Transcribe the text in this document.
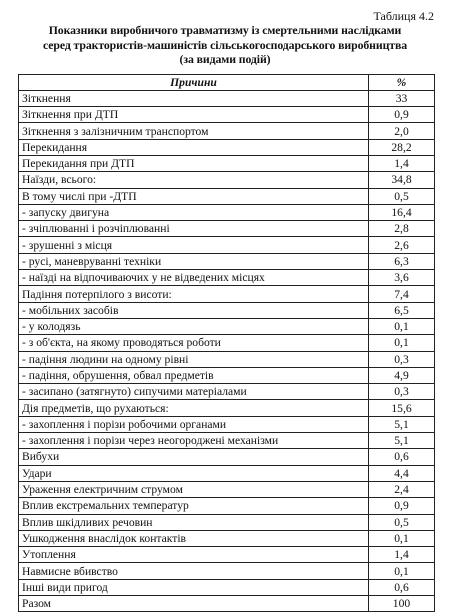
Таблиця 4.2
Показники виробничого травматизму із смертельними наслідками
серед трактористів-машиністів сільськогосподарського виробництва
(за видами подій)
Причини	%
Зіткнення	33
Зіткнення при ДТП	0,9
Зіткнення з залізничним транспортом	2,0
Перекидання	28,2
Перекидання при ДТП	1,4
Наїзди, всього:	34,8
В тому числі при -ДТП	0,5
- запуску двигуна	16,4
- зчіплюванні і розчіплюванні	2,8
- зрушенні з місця	2,6
- русі, маневруванні техніки	6,3
- наїзді на відпочиваючих у не відведених місцях	3,6
Падіння потерпілого з висоти:	7,4
- мобільних засобів	6,5
- у колодязь	0,1
- з об'єкта, на якому проводяться роботи	0,1
- падіння людини на одному рівні	0,3
- падіння, обрушення, обвал предметів	4,9
- засипано (затягнуто) сипучими матеріалами	0,3
Дія предметів, що рухаються:	15,6
- захоплення і порізи робочими органами	5,1
- захоплення і порізи через неогороджені механізми	5,1
Вибухи	0,6
Удари	4,4
Ураження електричним струмом	2,4
Вплив екстремальних температур	0,9
Вплив шкідливих речовин	0,5
Ушкодження внаслідок контактів	0,1
Утоплення	1,4
Навмисне вбивство	0,1
Інші види пригод	0,6
Разом	100
